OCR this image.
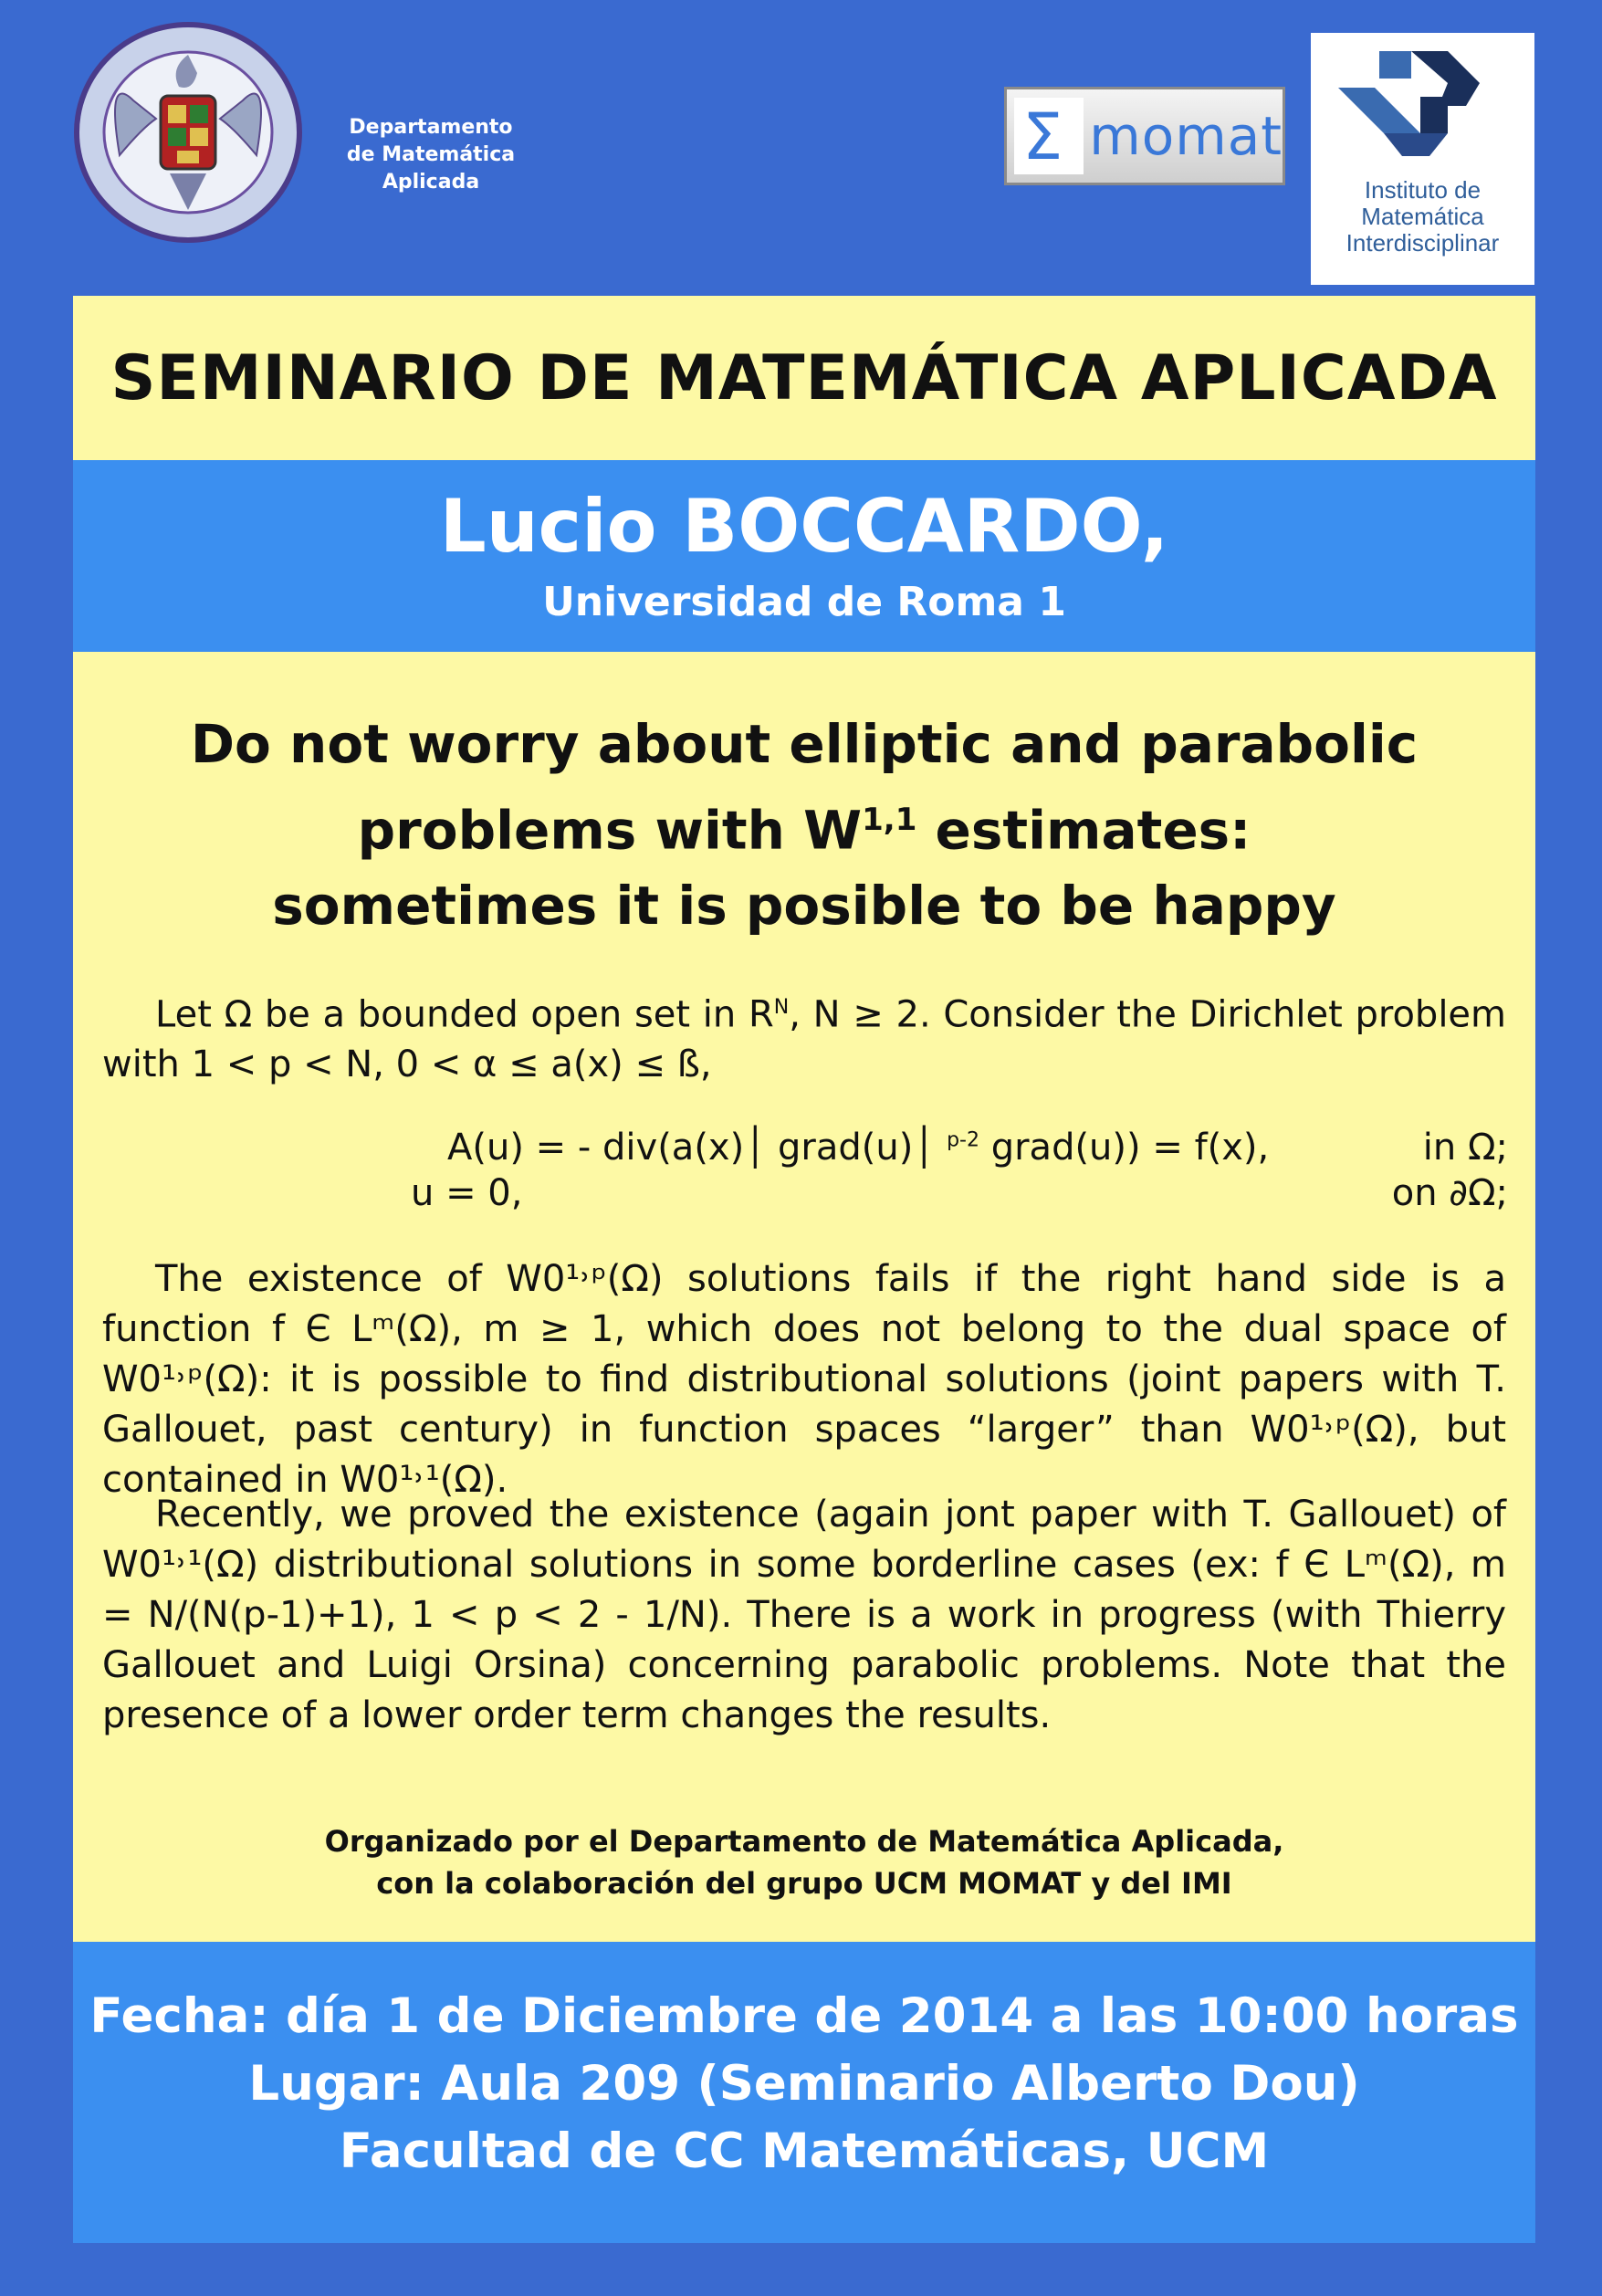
Departamento
de Matemática
Aplicada
Σ momat
Instituto de
Matemática
Interdisciplinar
SEMINARIO DE MATEMÁTICA APLICADA
Lucio BOCCARDO,
Universidad de Roma 1
Do not worry about elliptic and parabolic
problems with W$^{1,1}$ estimates:
sometimes it is posible to be happy
Let Ω be a bounded open set in $R^N$, N ≥ 2. Consider the Dirichlet problem with 1 < p < N, 0 < α ≤ a(x) ≤ ß,
A(u) = - div(a(x)│ grad(u)│ $^{p-2}$ grad(u)) = f(x),	in Ω;
u = 0,	on ∂Ω;
The existence of W0¹˒ᵖ(Ω) solutions fails if the right hand side is a function f Є Lᵐ(Ω), m ≥ 1, which does not belong to the dual space of W0¹˒ᵖ(Ω): it is possible to find distributional solutions (joint papers with T. Gallouet, past century) in function spaces “larger” than W0¹˒ᵖ(Ω), but contained in W0¹˒¹(Ω).
Recently, we proved the existence (again jont paper with T. Gallouet) of W0¹˒¹(Ω) distributional solutions in some borderline cases (ex: f Є Lᵐ(Ω), m = N/(N(p-1)+1), 1 < p < 2 - 1/N). There is a work in progress (with Thierry Gallouet and Luigi Orsina) concerning parabolic problems. Note that the presence of a lower order term changes the results.
Organizado por el Departamento de Matemática Aplicada,
con la colaboración del grupo UCM MOMAT y del IMI
Fecha: día 1 de Diciembre de 2014 a las 10:00 horas
Lugar: Aula 209 (Seminario Alberto Dou)
Facultad de CC Matemáticas, UCM
